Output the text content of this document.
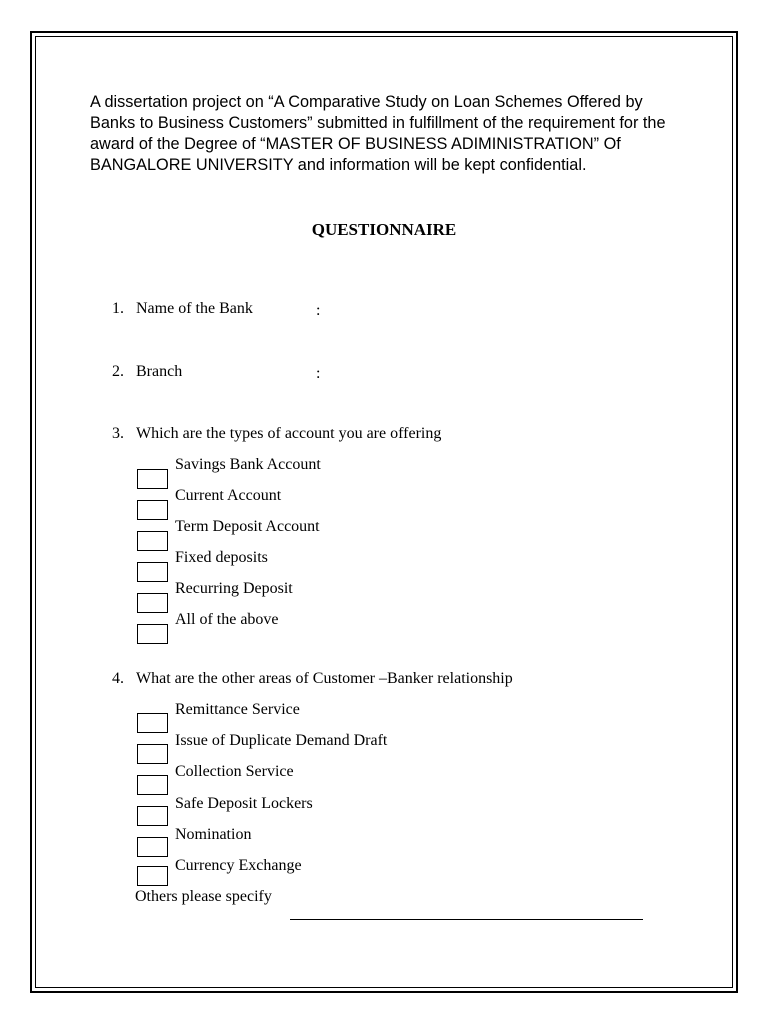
A dissertation project on “A Comparative Study on Loan Schemes Offered by Banks to Business Customers” submitted in fulfillment of the requirement for the award of the Degree of “MASTER OF BUSINESS ADIMINISTRATION” Of BANGALORE UNIVERSITY and information will be kept confidential.

QUESTIONNAIRE
1. Name of the Bank	:
2. Branch	:
3. Which are the types of account you are offering
Savings Bank Account
Current Account
Term Deposit Account
Fixed deposits
Recurring Deposit
All of the above
4. What are the other areas of Customer –Banker relationship
Remittance Service
Issue of Duplicate Demand Draft
Collection Service
Safe Deposit Lockers
Nomination
Currency Exchange
Others please specify
